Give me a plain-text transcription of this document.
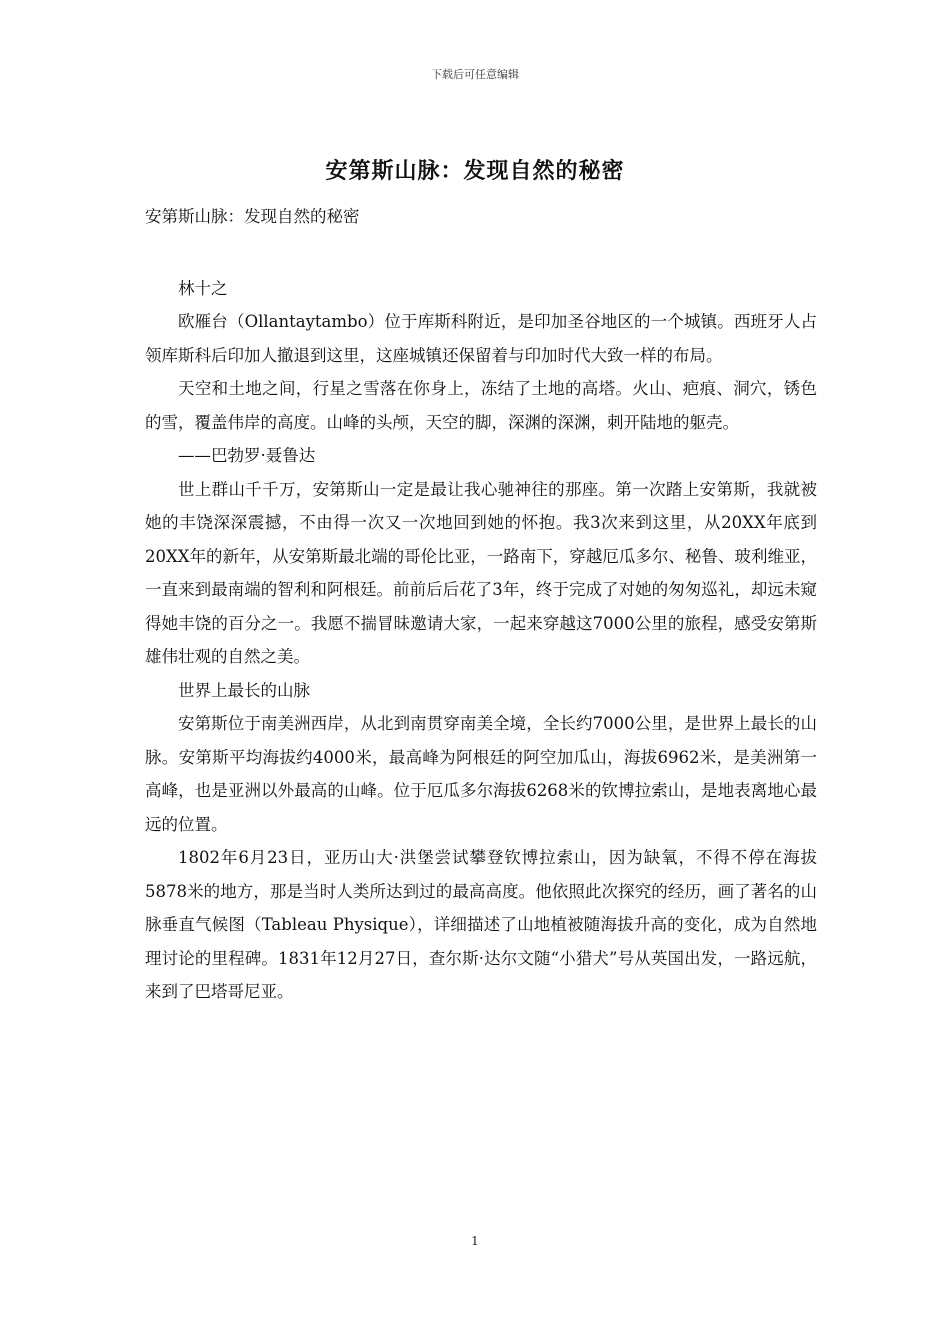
下载后可任意编辑
安第斯山脉：发现自然的秘密

安第斯山脉：发现自然的秘密

林十之

欧雁台（Ollantaytambo）位于库斯科附近，是印加圣谷地区的一个城镇。西班牙人占领库斯科后印加人撤退到这里，这座城镇还保留着与印加时代大致一样的布局。

天空和土地之间，行星之雪落在你身上，冻结了土地的高塔。火山、疤痕、洞穴，锈色的雪，覆盖伟岸的高度。山峰的头颅，天空的脚，深渊的深渊，刺开陆地的躯壳。

——巴勃罗·聂鲁达

世上群山千千万，安第斯山一定是最让我心驰神往的那座。第一次踏上安第斯，我就被她的丰饶深深震撼，不由得一次又一次地回到她的怀抱。我3次来到这里，从20XX年底到20XX年的新年，从安第斯最北端的哥伦比亚，一路南下，穿越厄瓜多尔、秘鲁、玻利维亚，一直来到最南端的智利和阿根廷。前前后后花了3年，终于完成了对她的匆匆巡礼，却远未窥得她丰饶的百分之一。我愿不揣冒昧邀请大家，一起来穿越这7000公里的旅程，感受安第斯雄伟壮观的自然之美。

世界上最长的山脉

安第斯位于南美洲西岸，从北到南贯穿南美全境，全长约7000公里，是世界上最长的山脉。安第斯平均海拔约4000米，最高峰为阿根廷的阿空加瓜山，海拔6962米，是美洲第一高峰，也是亚洲以外最高的山峰。位于厄瓜多尔海拔6268米的钦博拉索山，是地表离地心最远的位置。

1802年6月23日，亚历山大·洪堡尝试攀登钦博拉索山，因为缺氧，不得不停在海拔5878米的地方，那是当时人类所达到过的最高高度。他依照此次探究的经历，画了著名的山脉垂直气候图（Tableau Physique），详细描述了山地植被随海拔升高的变化，成为自然地理讨论的里程碑。1831年12月27日，查尔斯·达尔文随“小猎犬”号从英国出发，一路远航，来到了巴塔哥尼亚。

1
